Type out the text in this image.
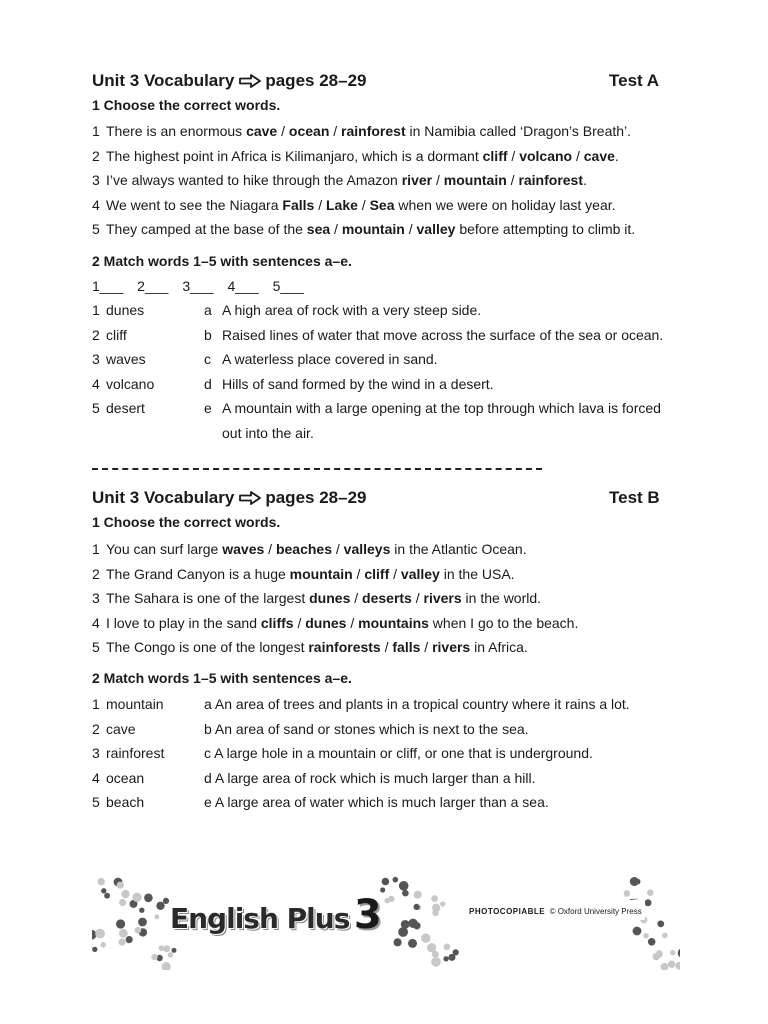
Unit 3 Vocabulary pages 28–29	Test A
1 Choose the correct words.
1 There is an enormous cave / ocean / rainforest in Namibia called ‘Dragon’s Breath’.
2 The highest point in Africa is Kilimanjaro, which is a dormant cliff / volcano / cave.
3 I’ve always wanted to hike through the Amazon river / mountain / rainforest.
4 We went to see the Niagara Falls / Lake / Sea when we were on holiday last year.
5 They camped at the base of the sea / mountain / valley before attempting to climb it.
2 Match words 1–5 with sentences a–e.
1___ 2___ 3___ 4___ 5___
1 dunes	a A high area of rock with a very steep side.
2 cliff	b Raised lines of water that move across the surface of the sea or ocean.
3 waves	c A waterless place covered in sand.
4 volcano	d Hills of sand formed by the wind in a desert.
5 desert	e A mountain with a large opening at the top through which lava is forced
out into the air.
Unit 3 Vocabulary pages 28–29	Test B
1 Choose the correct words.
1 You can surf large waves / beaches / valleys in the Atlantic Ocean.
2 The Grand Canyon is a huge mountain / cliff / valley in the USA.
3 The Sahara is one of the largest dunes / deserts / rivers in the world.
4 I love to play in the sand cliffs / dunes / mountains when I go to the beach.
5 The Congo is one of the longest rainforests / falls / rivers in Africa.
2 Match words 1–5 with sentences a–e.
1 mountain	a An area of trees and plants in a tropical country where it rains a lot.
2 cave	b An area of sand or stones which is next to the sea.
3 rainforest	c A large hole in a mountain or cliff, or one that is underground.
4 ocean	d A large area of rock which is much larger than a hill.
5 beach	e A large area of water which is much larger than a sea.
English Plus 3	PHOTOCOPIABLE © Oxford University Press
